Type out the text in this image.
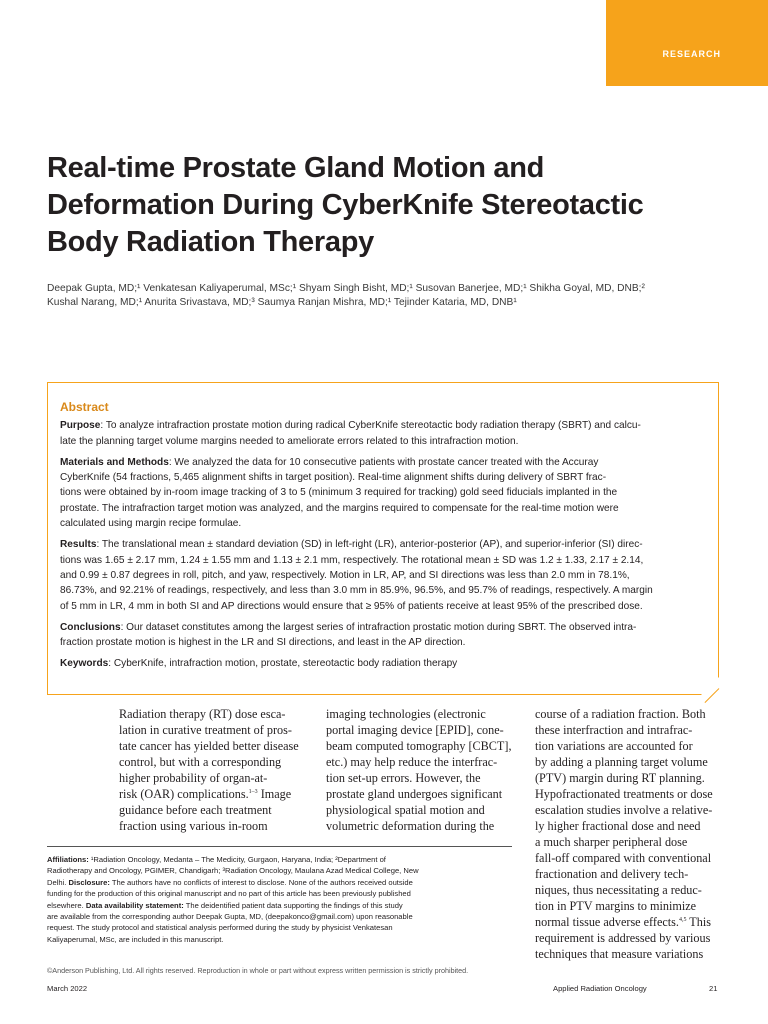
RESEARCH
Real-time Prostate Gland Motion and
Deformation During CyberKnife Stereotactic
Body Radiation Therapy
Deepak Gupta, MD;¹ Venkatesan Kaliyaperumal, MSc;¹ Shyam Singh Bisht, MD;¹ Susovan Banerjee, MD;¹ Shikha Goyal, MD, DNB;²
Kushal Narang, MD;¹ Anurita Srivastava, MD;³ Saumya Ranjan Mishra, MD;¹ Tejinder Kataria, MD, DNB¹
Abstract
Purpose: To analyze intrafraction prostate motion during radical CyberKnife stereotactic body radiation therapy (SBRT) and calcu-
late the planning target volume margins needed to ameliorate errors related to this intrafraction motion.
Materials and Methods: We analyzed the data for 10 consecutive patients with prostate cancer treated with the Accuray
CyberKnife (54 fractions, 5,465 alignment shifts in target position). Real-time alignment shifts during delivery of SBRT frac-
tions were obtained by in-room image tracking of 3 to 5 (minimum 3 required for tracking) gold seed fiducials implanted in the
prostate. The intrafraction target motion was analyzed, and the margins required to compensate for the real-time motion were
calculated using margin recipe formulae.
Results: The translational mean ± standard deviation (SD) in left-right (LR), anterior-posterior (AP), and superior-inferior (SI) direc-
tions was 1.65 ± 2.17 mm, 1.24 ± 1.55 mm and 1.13 ± 2.1 mm, respectively. The rotational mean ± SD was 1.2 ± 1.33, 2.17 ± 2.14,
and 0.99 ± 0.87 degrees in roll, pitch, and yaw, respectively. Motion in LR, AP, and SI directions was less than 2.0 mm in 78.1%,
86.73%, and 92.21% of readings, respectively, and less than 3.0 mm in 85.9%, 96.5%, and 95.7% of readings, respectively. A margin
of 5 mm in LR, 4 mm in both SI and AP directions would ensure that ≥ 95% of patients receive at least 95% of the prescribed dose.
Conclusions: Our dataset constitutes among the largest series of intrafraction prostatic motion during SBRT. The observed intra-
fraction prostate motion is highest in the LR and SI directions, and least in the AP direction.
Keywords: CyberKnife, intrafraction motion, prostate, stereotactic body radiation therapy
Radiation therapy (RT) dose esca-
lation in curative treatment of pros-
tate cancer has yielded better disease
control, but with a corresponding
higher probability of organ-at-
risk (OAR) complications.$^{1-3}$ Image
guidance before each treatment
fraction using various in-room
imaging technologies (electronic
portal imaging device [EPID], cone-
beam computed tomography [CBCT],
etc.) may help reduce the interfrac-
tion set-up errors. However, the
prostate gland undergoes significant
physiological spatial motion and
volumetric deformation during the
course of a radiation fraction. Both
these interfraction and intrafrac-
tion variations are accounted for
by adding a planning target volume
(PTV) margin during RT planning.
Hypofractionated treatments or dose
escalation studies involve a relative-
ly higher fractional dose and need
a much sharper peripheral dose
fall-off compared with conventional
fractionation and delivery tech-
niques, thus necessitating a reduc-
tion in PTV margins to minimize
normal tissue adverse effects.$^{4,5}$ This
requirement is addressed by various
techniques that measure variations
Affiliations: ¹Radiation Oncology, Medanta – The Medicity, Gurgaon, Haryana, India; ²Department of
Radiotherapy and Oncology, PGIMER, Chandigarh; ³Radiation Oncology, Maulana Azad Medical College, New
Delhi. Disclosure: The authors have no conflicts of interest to disclose. None of the authors received outside
funding for the production of this original manuscript and no part of this article has been previously published
elsewhere. Data availability statement: The deidentified patient data supporting the findings of this study
are available from the corresponding author Deepak Gupta, MD, (deepakonco@gmail.com) upon reasonable
request. The study protocol and statistical analysis performed during the study by physicist Venkatesan
Kaliyaperumal, MSc, are included in this manuscript.
©Anderson Publishing, Ltd. All rights reserved. Reproduction in whole or part without express written permission is strictly prohibited.
March 2022	Applied Radiation Oncology	21
